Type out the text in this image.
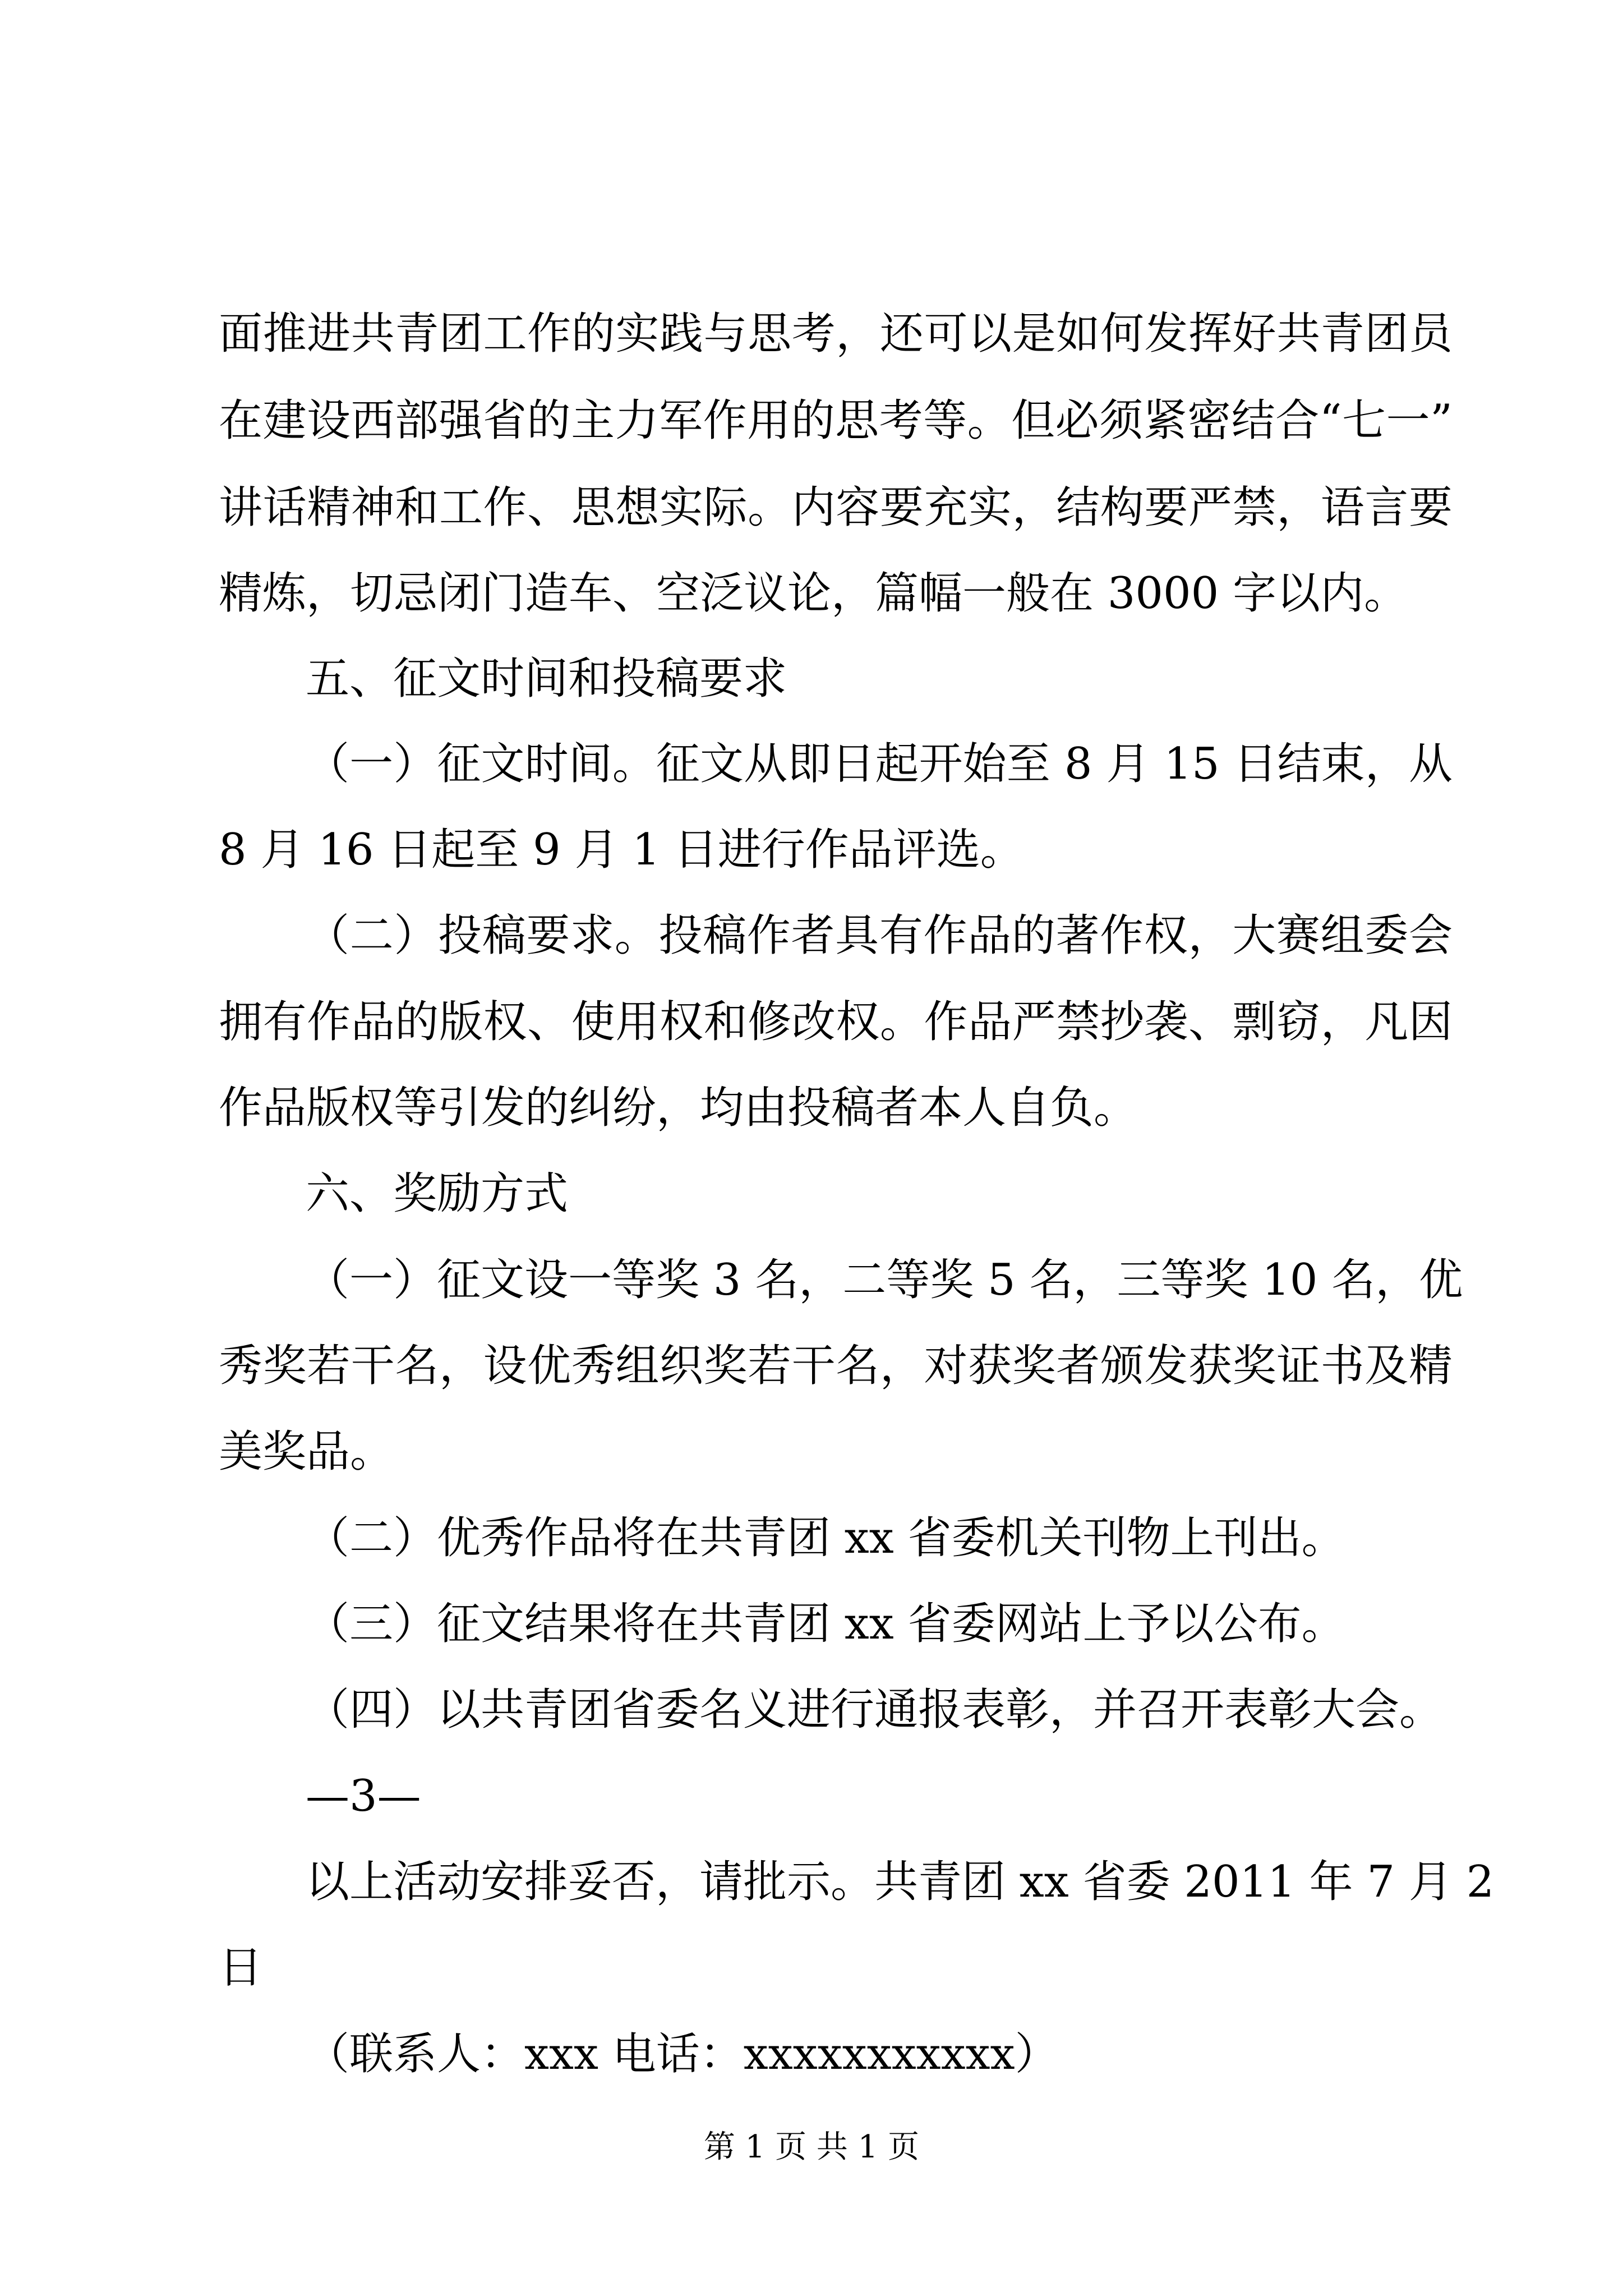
面推进共青团工作的实践与思考，还可以是如何发挥好共青团员
在建设西部强省的主力军作用的思考等。但必须紧密结合“七一”
讲话精神和工作、思想实际。内容要充实，结构要严禁，语言要
精炼，切忌闭门造车、空泛议论，篇幅一般在 3000 字以内。
五、征文时间和投稿要求
（一）征文时间。征文从即日起开始至 8 月 15 日结束，从
8 月 16 日起至 9 月 1 日进行作品评选。
（二）投稿要求。投稿作者具有作品的著作权，大赛组委会
拥有作品的版权、使用权和修改权。作品严禁抄袭、剽窃，凡因
作品版权等引发的纠纷，均由投稿者本人自负。
六、奖励方式
（一）征文设一等奖 3 名，二等奖 5 名，三等奖 10 名，优
秀奖若干名，设优秀组织奖若干名，对获奖者颁发获奖证书及精
美奖品。
（二）优秀作品将在共青团 xx 省委机关刊物上刊出。
（三）征文结果将在共青团 xx 省委网站上予以公布。
（四）以共青团省委名义进行通报表彰，并召开表彰大会。
—3—
以上活动安排妥否，请批示。共青团 xx 省委 2011 年 7 月 2
日
（联系人：xxx 电话：xxxxxxxxxxx）
第 1 页 共 1 页
